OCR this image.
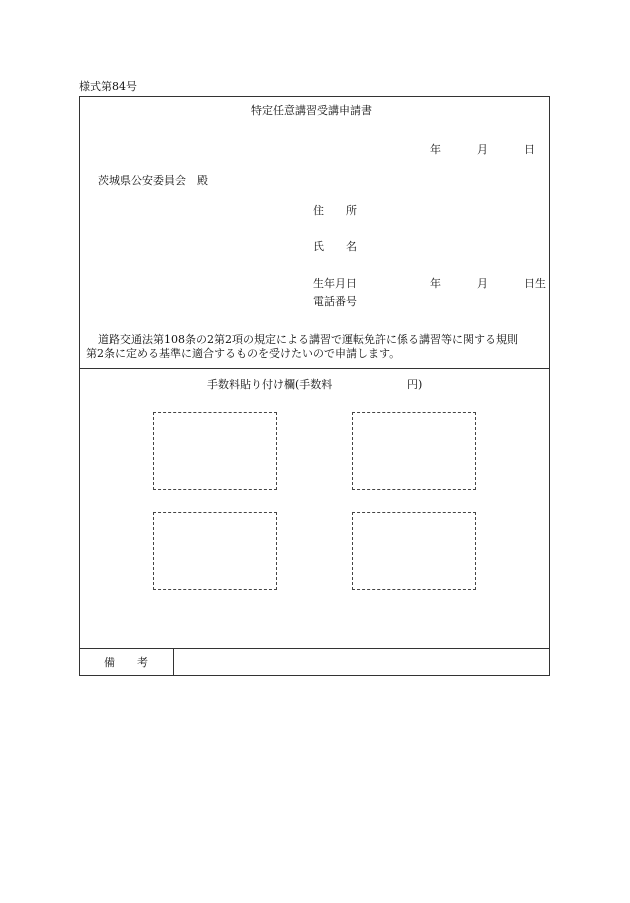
様式第84号
特定任意講習受講申請書
年	月	日
茨城県公安委員会　殿
住　　所
氏　　名
生年月日	年	月	日生
電話番号
道路交通法第108条の2第2項の規定による講習で運転免許に係る講習等に関する規則
第2条に定める基準に適合するものを受けたいので申請します。
手数料貼り付け欄(手数料	円)
備　　考
